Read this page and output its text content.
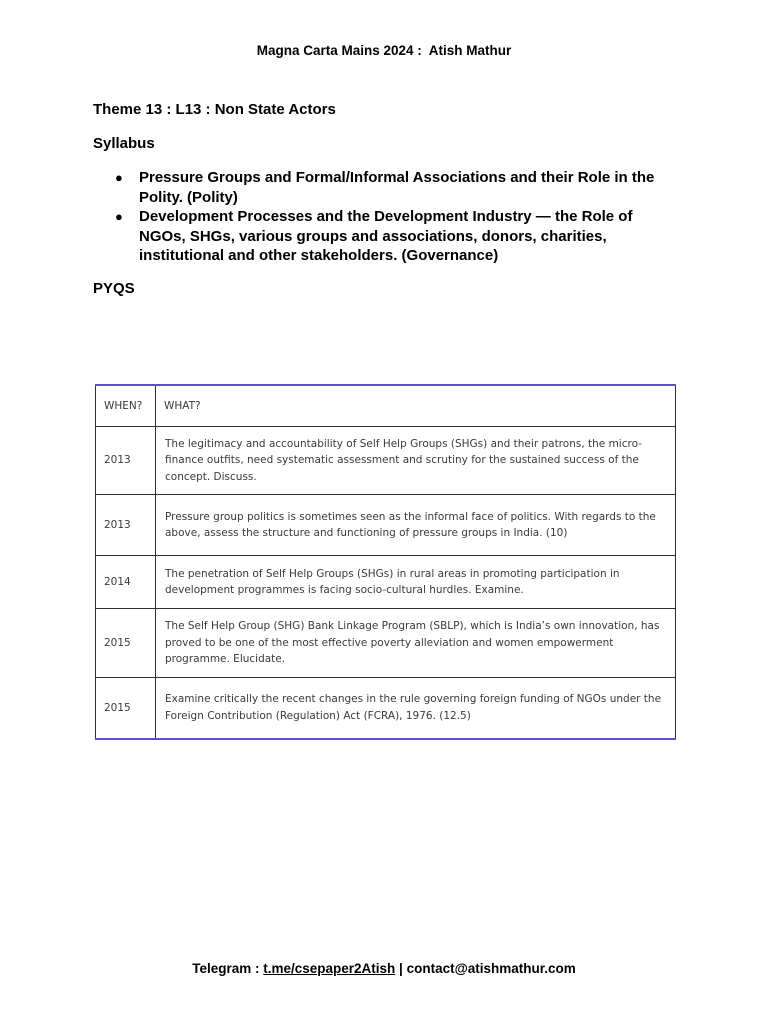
Magna Carta Mains 2024 :  Atish Mathur
Theme 13 : L13 : Non State Actors
Syllabus
● Pressure Groups and Formal/Informal Associations and their Role in the Polity. (Polity)
● Development Processes and the Development Industry — the Role of NGOs, SHGs, various groups and associations, donors, charities, institutional and other stakeholders. (Governance)
PYQS
WHEN?	WHAT?
2013	The legitimacy and accountability of Self Help Groups (SHGs) and their patrons, the micro-finance outfits, need systematic assessment and scrutiny for the sustained success of the concept. Discuss.
2013	Pressure group politics is sometimes seen as the informal face of politics. With regards to the above, assess the structure and functioning of pressure groups in India. (10)
2014	The penetration of Self Help Groups (SHGs) in rural areas in promoting participation in development programmes is facing socio-cultural hurdles. Examine.
2015	The Self Help Group (SHG) Bank Linkage Program (SBLP), which is India’s own innovation, has proved to be one of the most effective poverty alleviation and women empowerment programme. Elucidate.
2015	Examine critically the recent changes in the rule governing foreign funding of NGOs under the Foreign Contribution (Regulation) Act (FCRA), 1976. (12.5)
Telegram : t.me/csepaper2Atish | contact@atishmathur.com
